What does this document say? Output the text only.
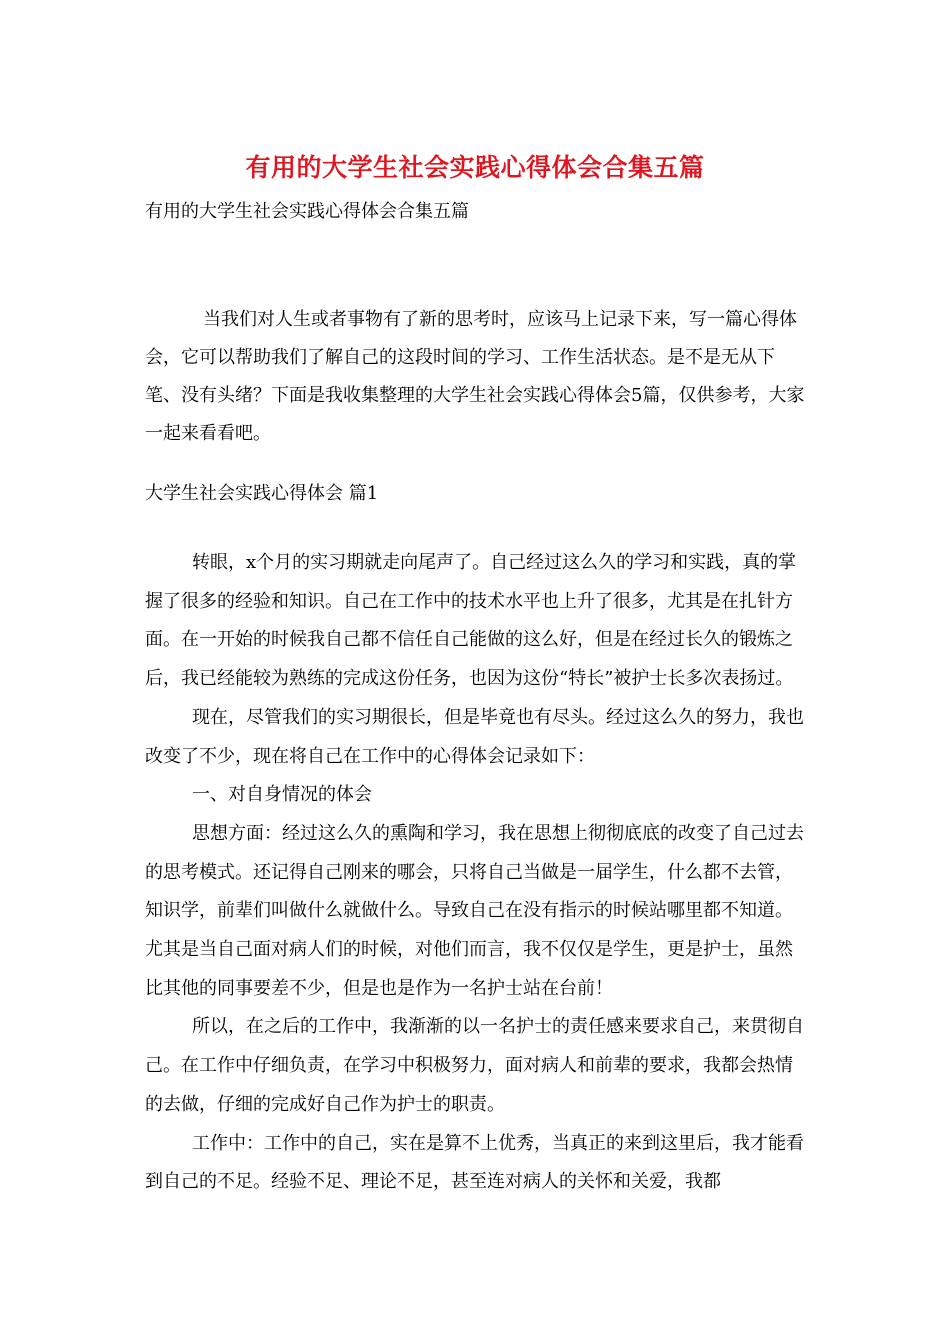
有用的大学生社会实践心得体会合集五篇
有用的大学生社会实践心得体会合集五篇

当我们对人生或者事物有了新的思考时，应该马上记录下来，写一篇心得体会，它可以帮助我们了解自己的这段时间的学习、工作生活状态。是不是无从下笔、没有头绪？下面是我收集整理的大学生社会实践心得体会5篇，仅供参考，大家一起来看看吧。

大学生社会实践心得体会 篇1

转眼，x个月的实习期就走向尾声了。自己经过这么久的学习和实践，真的掌握了很多的经验和知识。自己在工作中的技术水平也上升了很多，尤其是在扎针方面。在一开始的时候我自己都不信任自己能做的这么好，但是在经过长久的锻炼之后，我已经能较为熟练的完成这份任务，也因为这份“特长”被护士长多次表扬过。

现在，尽管我们的实习期很长，但是毕竟也有尽头。经过这么久的努力，我也改变了不少，现在将自己在工作中的心得体会记录如下：

一、对自身情况的体会

思想方面：经过这么久的熏陶和学习，我在思想上彻彻底底的改变了自己过去的思考模式。还记得自己刚来的哪会，只将自己当做是一届学生，什么都不去管，知识学，前辈们叫做什么就做什么。导致自己在没有指示的时候站哪里都不知道。尤其是当自己面对病人们的时候，对他们而言，我不仅仅是学生，更是护士，虽然比其他的同事要差不少，但是也是作为一名护士站在台前！

所以，在之后的工作中，我渐渐的以一名护士的责任感来要求自己，来贯彻自己。在工作中仔细负责，在学习中积极努力，面对病人和前辈的要求，我都会热情的去做，仔细的完成好自己作为护士的职责。

工作中：工作中的自己，实在是算不上优秀，当真正的来到这里后，我才能看到自己的不足。经验不足、理论不足，甚至连对病人的关怀和关爱，我都
